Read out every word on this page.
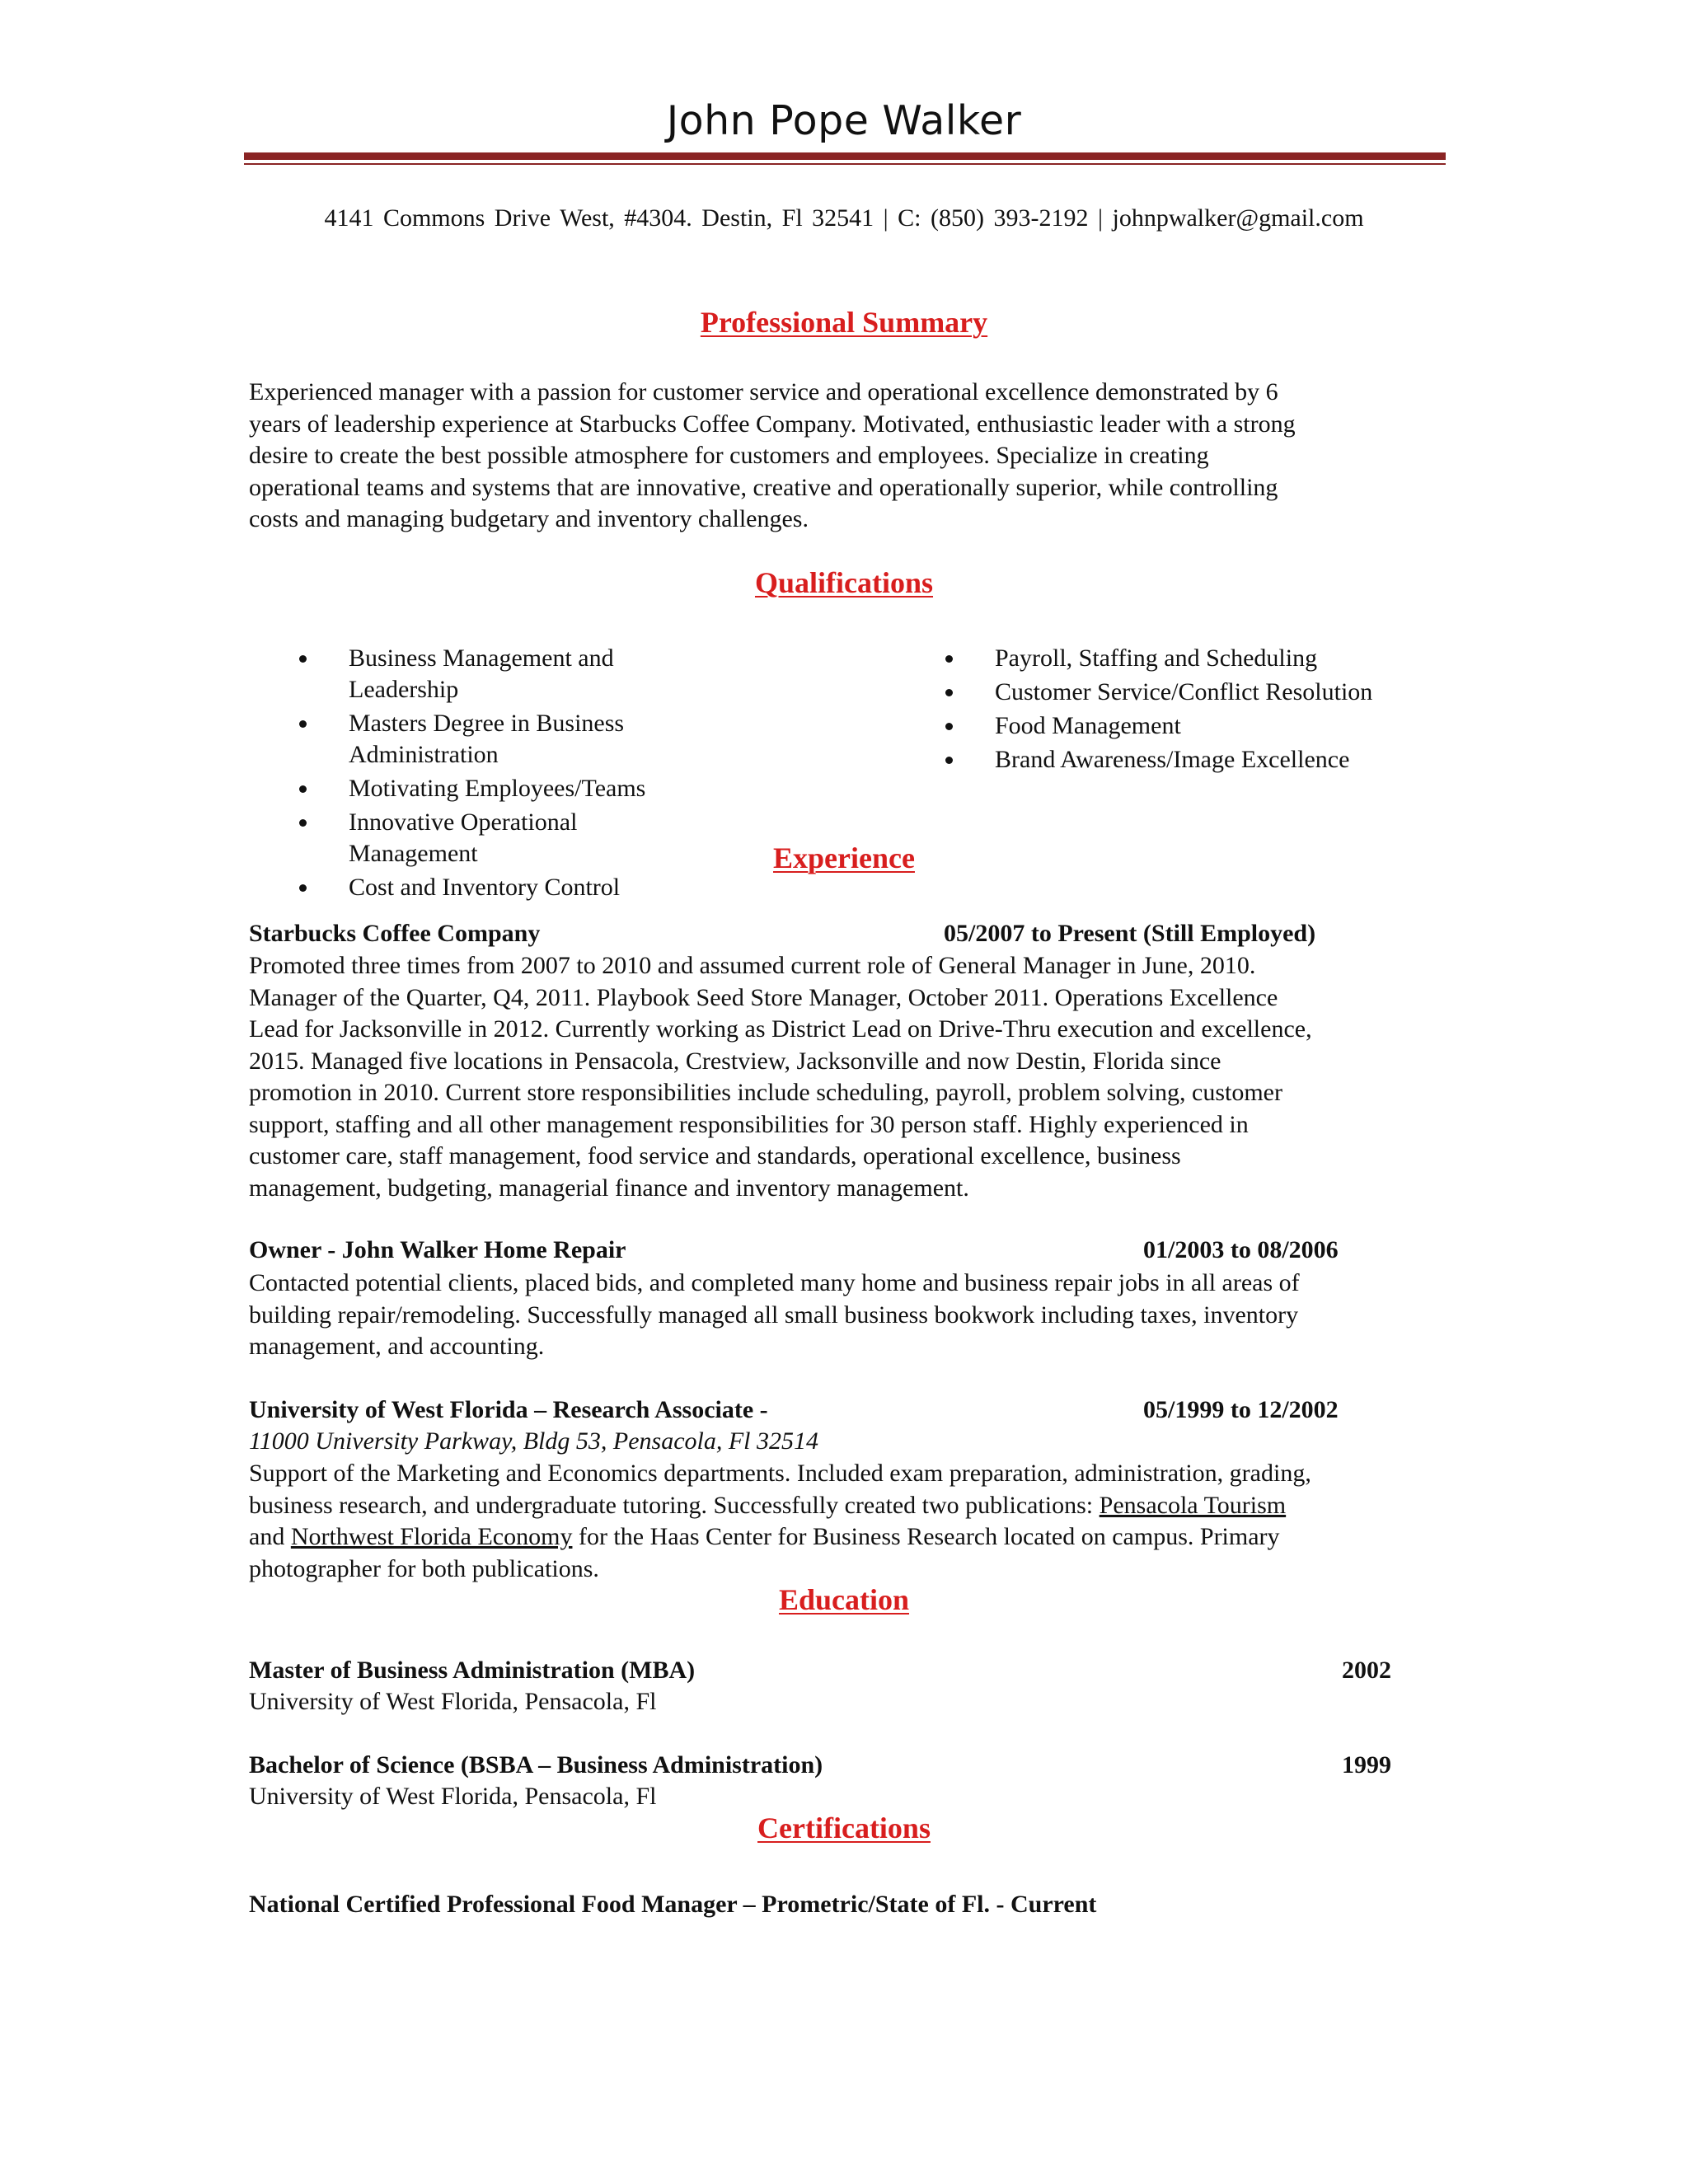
John Pope Walker
4141 Commons Drive West, #4304. Destin, Fl 32541 | C: (850) 393-2192 | johnpwalker@gmail.com
Professional Summary

Experienced manager with a passion for customer service and operational excellence demonstrated by 6

years of leadership experience at Starbucks Coffee Company. Motivated, enthusiastic leader with a strong

desire to create the best possible atmosphere for customers and employees. Specialize in creating

operational teams and systems that are innovative, creative and operationally superior, while controlling

costs and managing budgetary and inventory challenges.

Qualifications
Business Management and Leadership
Masters Degree in Business Administration
Motivating Employees/Teams
Innovative Operational Management
Cost and Inventory Control
Payroll, Staffing and Scheduling
Customer Service/Conflict Resolution
Food Management
Brand Awareness/Image Excellence
Experience
Starbucks Coffee Company	05/2007 to Present (Still Employed)

Promoted three times from 2007 to 2010 and assumed current role of General Manager in June, 2010.

Manager of the Quarter, Q4, 2011. Playbook Seed Store Manager, October 2011. Operations Excellence

Lead for Jacksonville in 2012. Currently working as District Lead on Drive-Thru execution and excellence,

2015. Managed five locations in Pensacola, Crestview, Jacksonville and now Destin, Florida since

promotion in 2010. Current store responsibilities include scheduling, payroll, problem solving, customer

support, staffing and all other management responsibilities for 30 person staff. Highly experienced in

customer care, staff management, food service and standards, operational excellence, business

management, budgeting, managerial finance and inventory management.

Owner - John Walker Home Repair	01/2003 to 08/2006

Contacted potential clients, placed bids, and completed many home and business repair jobs in all areas of

building repair/remodeling. Successfully managed all small business bookwork including taxes, inventory

management, and accounting.

University of West Florida – Research Associate -	05/1999 to 12/2002
11000 University Parkway, Bldg 53, Pensacola, Fl 32514

Support of the Marketing and Economics departments. Included exam preparation, administration, grading,

business research, and undergraduate tutoring. Successfully created two publications: Pensacola Tourism

and Northwest Florida Economy for the Haas Center for Business Research located on campus. Primary

photographer for both publications.

Education
Master of Business Administration (MBA)	2002
University of West Florida, Pensacola, Fl
Bachelor of Science (BSBA – Business Administration)	1999
University of West Florida, Pensacola, Fl
Certifications
National Certified Professional Food Manager – Prometric/State of Fl. - Current
